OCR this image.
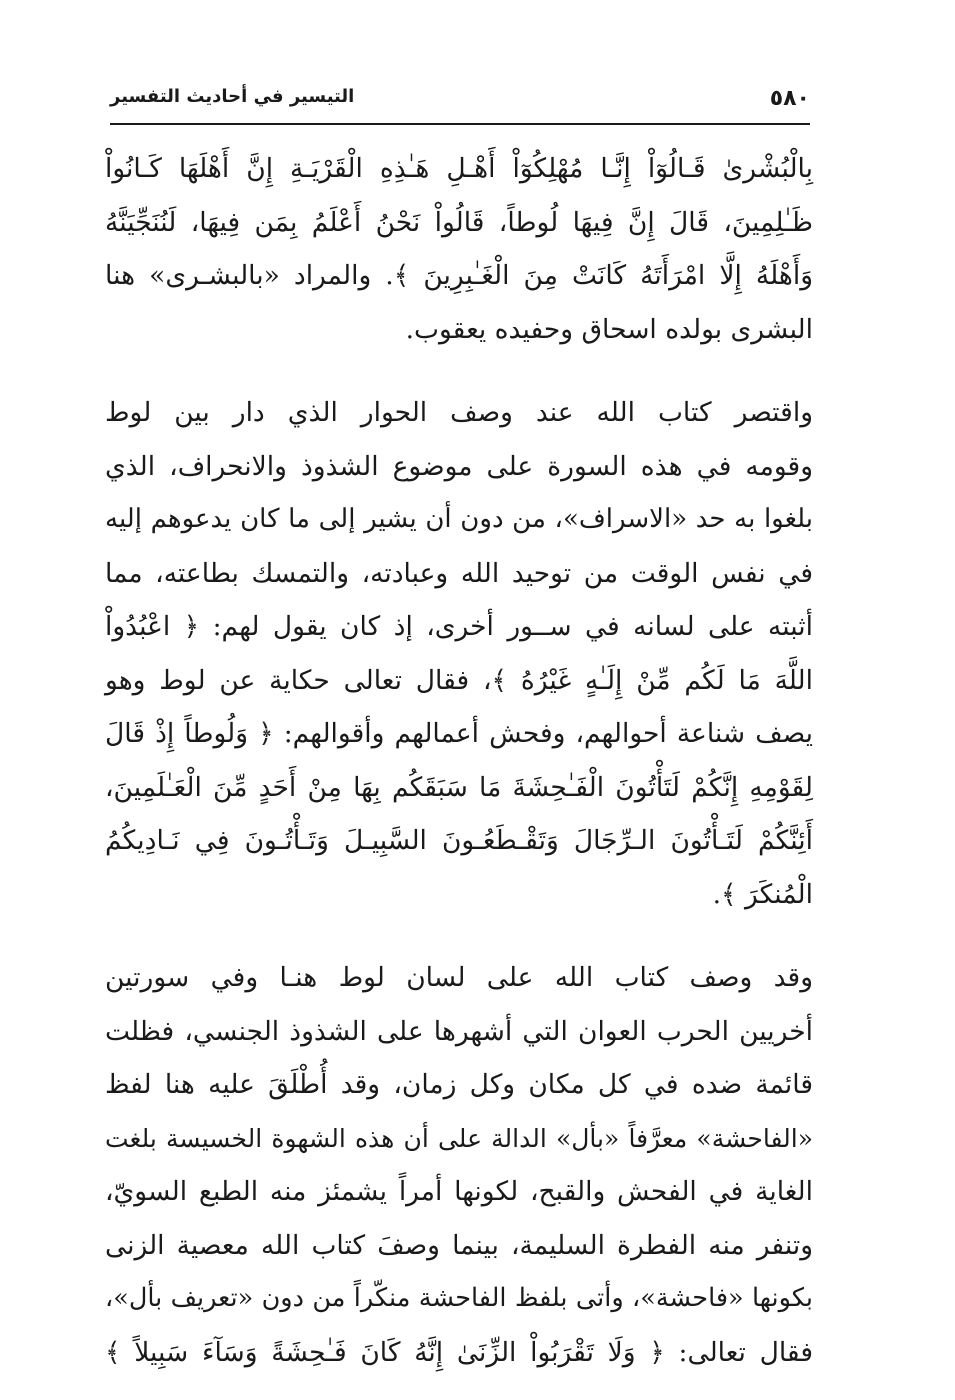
٥٨٠
التيسير في أحاديث التفسير
بِالْبُشْرىٰ قَـالُوٓاْ إِنَّـا مُهْلِكُوٓاْ أَهْـلِ هَـٰذِهِ الْقَرْيَـةِ إِنَّ أَهْلَهَا كَـانُواْ
ظَـٰلِمِينَ، قَالَ إِنَّ فِيهَا لُوطاً، قَالُواْ نَحْنُ أَعْلَمُ بِمَن فِيهَا، لَنُنَجِّيَنَّهُ
وَأَهْلَهُ إِلَّا امْرَأَتَهُ كَانَتْ مِنَ الْغَـٰبِرِينَ ﴾. والمراد «بالبشـرى» هنا
البشرى بولده اسحاق وحفيده يعقوب.
واقتصر كتاب الله عند وصف الحوار الذي دار بين لوط
وقومه في هذه السورة على موضوع الشذوذ والانحراف، الذي
بلغوا به حد «الاسراف»، من دون أن يشير إلى ما كان يدعوهم إليه
في نفس الوقت من توحيد الله وعبادته، والتمسك بطاعته، مما
أثبته على لسانه في ســور أخرى، إذ كان يقول لهم: ﴿ اعْبُدُواْ
اللَّهَ مَا لَكُم مِّنْ إِلَـٰهٍ غَيْرُهُ ﴾، فقال تعالى حكاية عن لوط وهو
يصف شناعة أحوالهم، وفحش أعمالهم وأقوالهم: ﴿ وَلُوطاً إِذْ قَالَ
لِقَوْمِهِ إِنَّكُمْ لَتَأْتُونَ الْفَـٰحِشَةَ مَا سَبَقَكُم بِهَا مِنْ أَحَدٍ مِّنَ الْعَـٰلَمِينَ،
أَئِنَّكُمْ لَتَـأْتُونَ الـرِّجَالَ وَتَقْـطَعُـونَ السَّبِيـلَ وَتَـأْتُـونَ فِي نَـادِيكُمُ
الْمُنكَرَ ﴾.
وقد وصف كتاب الله على لسان لوط هنـا وفي سورتين
أخريين الحرب العوان التي أشهرها على الشذوذ الجنسي، فظلت
قائمة ضده في كل مكان وكل زمان، وقد أُطْلَقَ عليه هنا لفظ
«الفاحشة» معرَّفاً «بأل» الدالة على أن هذه الشهوة الخسيسة بلغت
الغاية في الفحش والقبح، لكونها أمراً يشمئز منه الطبع السويّ،
وتنفر منه الفطرة السليمة، بينما وصفَ كتاب الله معصية الزنى
بكونها «فاحشة»، وأتى بلفظ الفاحشة منكّراً من دون «تعريف بأل»،
فقال تعالى: ﴿ وَلَا تَقْرَبُواْ الزِّنَىٰ إِنَّهُ كَانَ فَـٰحِشَةً وَسَآءَ سَبِيلاً ﴾
